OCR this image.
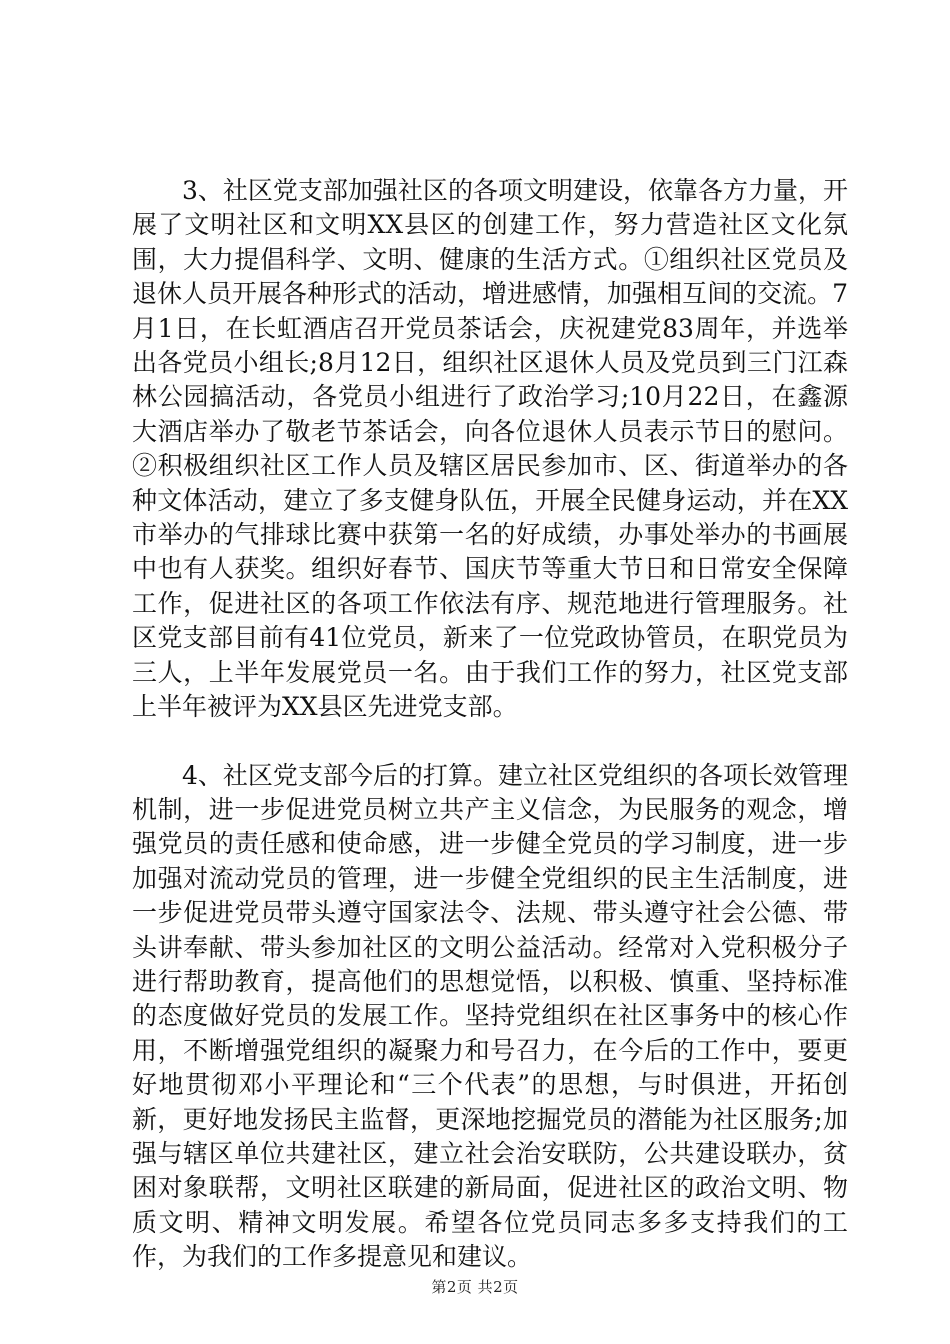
3、社区党支部加强社区的各项文明建设，依靠各方力量，开展了文明社区和文明XX县区的创建工作，努力营造社区文化氛围，大力提倡科学、文明、健康的生活方式。①组织社区党员及退休人员开展各种形式的活动，增进感情，加强相互间的交流。7月1日，在长虹酒店召开党员茶话会，庆祝建党83周年，并选举出各党员小组长;8月12日，组织社区退休人员及党员到三门江森林公园搞活动，各党员小组进行了政治学习;10月22日，在鑫源大酒店举办了敬老节茶话会，向各位退休人员表示节日的慰问。②积极组织社区工作人员及辖区居民参加市、区、街道举办的各种文体活动，建立了多支健身队伍，开展全民健身运动，并在XX市举办的气排球比赛中获第一名的好成绩，办事处举办的书画展中也有人获奖。组织好春节、国庆节等重大节日和日常安全保障工作，促进社区的各项工作依法有序、规范地进行管理服务。社区党支部目前有41位党员，新来了一位党政协管员，在职党员为三人，上半年发展党员一名。由于我们工作的努力，社区党支部上半年被评为XX县区先进党支部。

4、社区党支部今后的打算。建立社区党组织的各项长效管理机制，进一步促进党员树立共产主义信念，为民服务的观念，增强党员的责任感和使命感，进一步健全党员的学习制度，进一步加强对流动党员的管理，进一步健全党组织的民主生活制度，进一步促进党员带头遵守国家法令、法规、带头遵守社会公德、带头讲奉献、带头参加社区的文明公益活动。经常对入党积极分子进行帮助教育，提高他们的思想觉悟，以积极、慎重、坚持标准的态度做好党员的发展工作。坚持党组织在社区事务中的核心作用，不断增强党组织的凝聚力和号召力，在今后的工作中，要更好地贯彻邓小平理论和“三个代表”的思想，与时俱进，开拓创新，更好地发扬民主监督，更深地挖掘党员的潜能为社区服务;加强与辖区单位共建社区，建立社会治安联防，公共建设联办，贫困对象联帮，文明社区联建的新局面，促进社区的政治文明、物质文明、精神文明发展。希望各位党员同志多多支持我们的工作，为我们的工作多提意见和建议。

第2页 共2页
